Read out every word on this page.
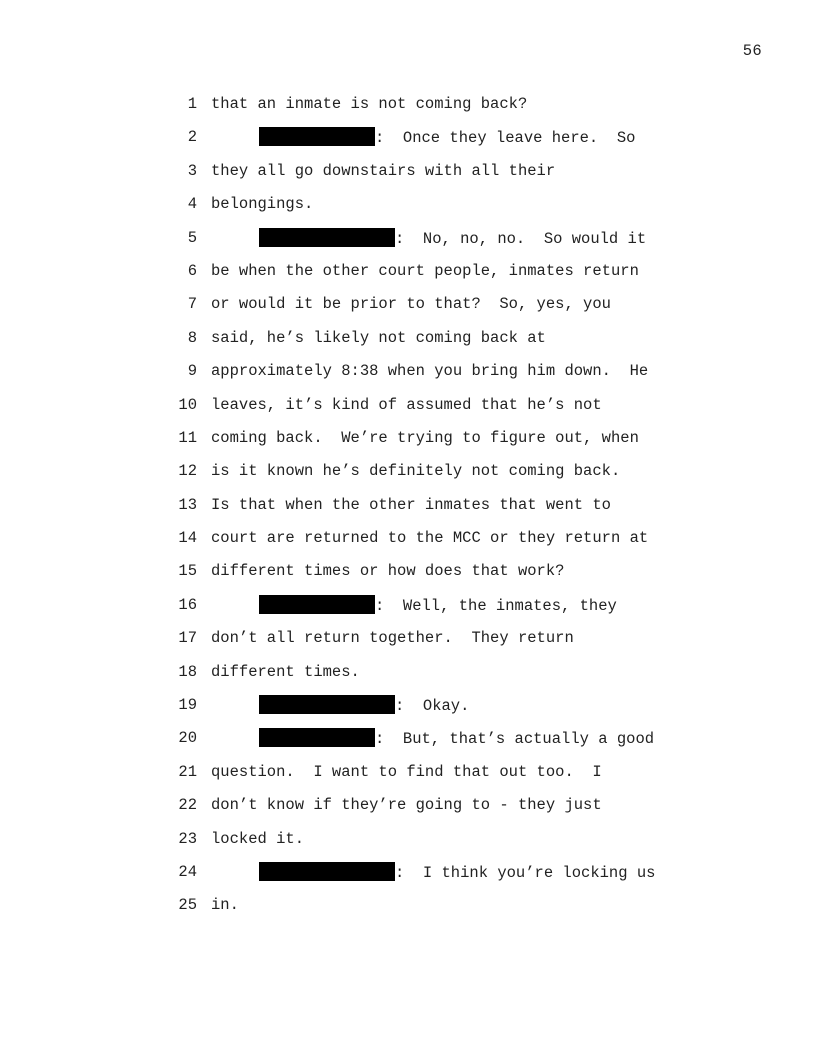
56
1 that an inmate is not coming back?
2	:  Once they leave here.  So
3 they all go downstairs with all their
4 belongings.
5	:  No, no, no.  So would it
6 be when the other court people, inmates return
7 or would it be prior to that?  So, yes, you
8 said, he’s likely not coming back at
9 approximately 8:38 when you bring him down.  He
10 leaves, it’s kind of assumed that he’s not
11 coming back.  We’re trying to figure out, when
12 is it known he’s definitely not coming back.
13 Is that when the other inmates that went to
14 court are returned to the MCC or they return at
15 different times or how does that work?
16	:  Well, the inmates, they
17 don’t all return together.  They return
18 different times.
19	:  Okay.
20	:  But, that’s actually a good
21 question.  I want to find that out too.  I
22 don’t know if they’re going to - they just
23 locked it.
24	:  I think you’re locking us
25 in.
